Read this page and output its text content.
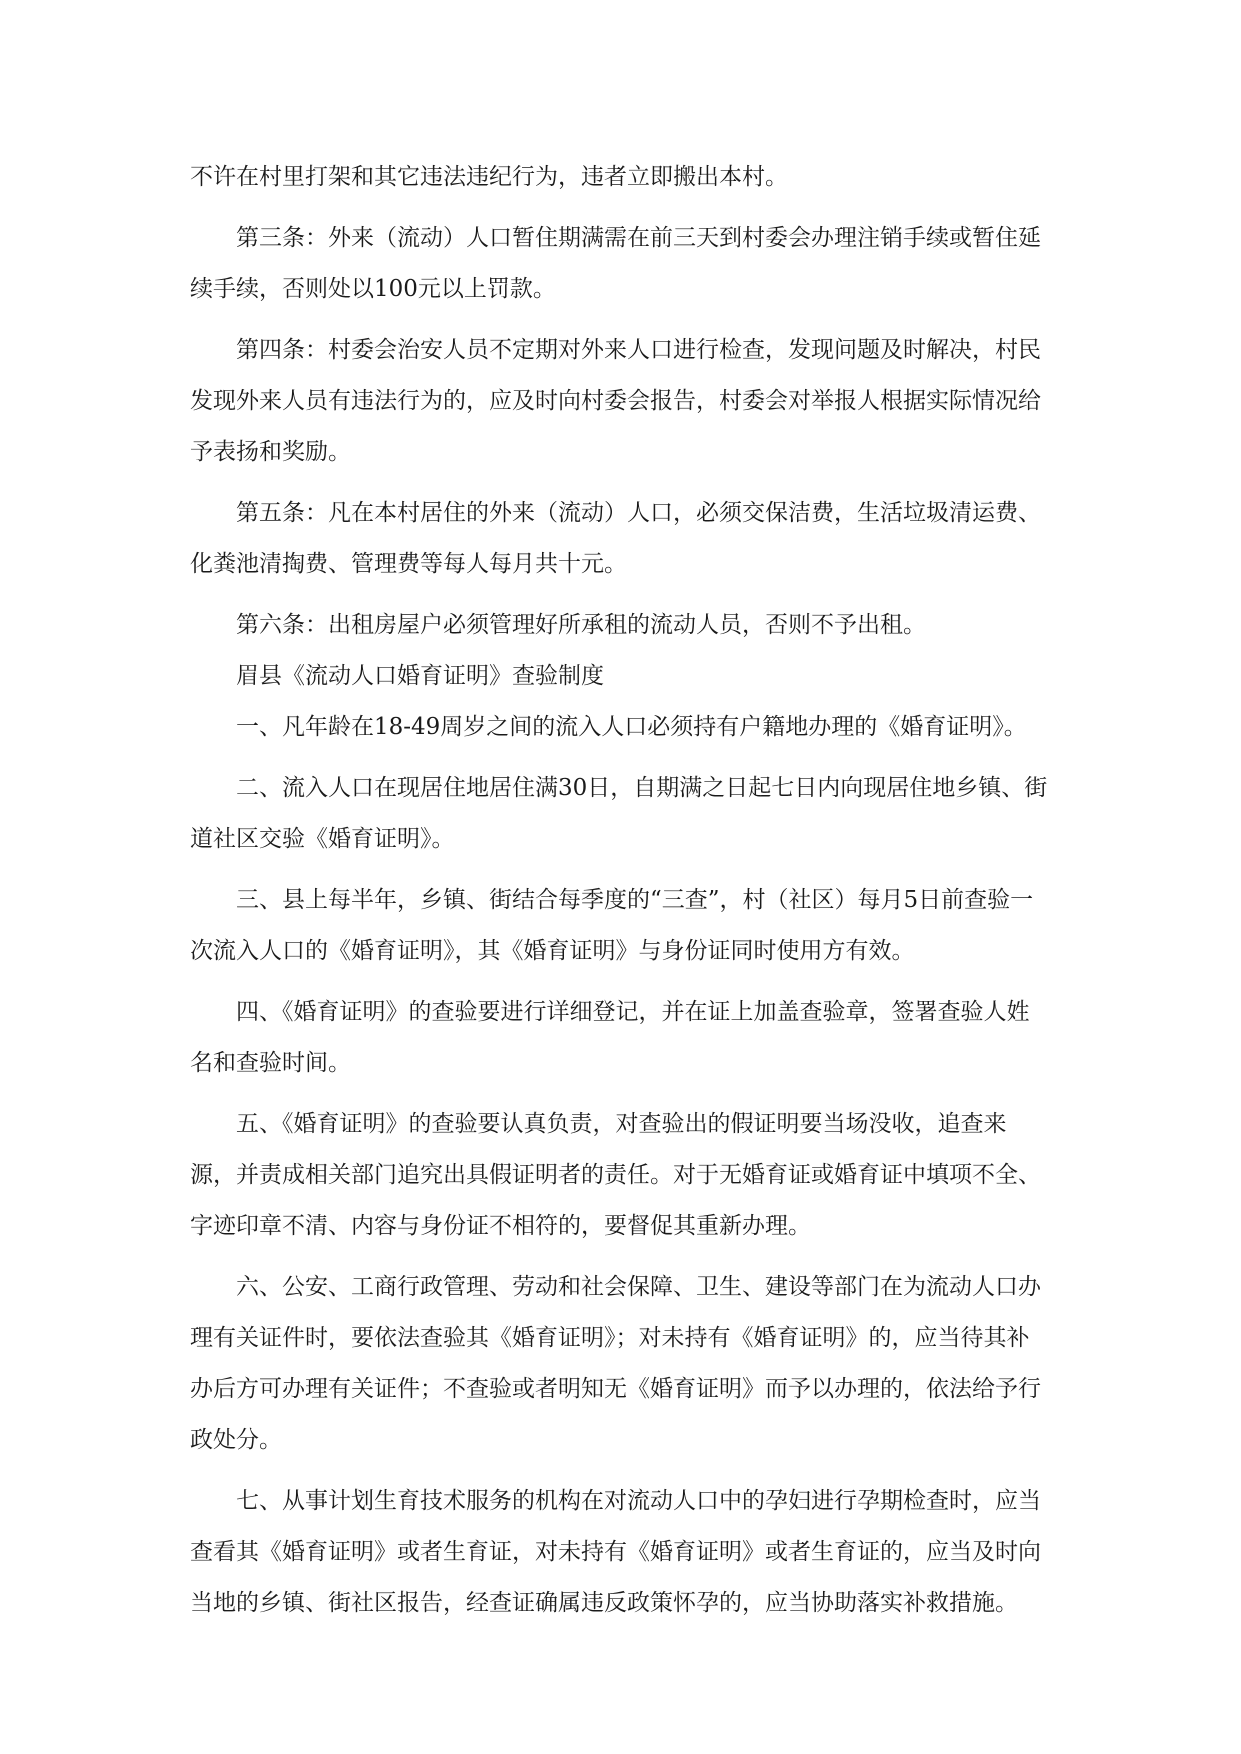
不许在村里打架和其它违法违纪行为，违者立即搬出本村。

第三条：外来（流动）人口暂住期满需在前三天到村委会办理注销手续或暂住延续手续，否则处以100元以上罚款。

第四条：村委会治安人员不定期对外来人口进行检查，发现问题及时解决，村民发现外来人员有违法行为的，应及时向村委会报告，村委会对举报人根据实际情况给予表扬和奖励。

第五条：凡在本村居住的外来（流动）人口，必须交保洁费，生活垃圾清运费、化粪池清掏费、管理费等每人每月共十元。

第六条：出租房屋户必须管理好所承租的流动人员，否则不予出租。

眉县《流动人口婚育证明》查验制度

一、凡年龄在18-49周岁之间的流入人口必须持有户籍地办理的《婚育证明》。

二、流入人口在现居住地居住满30日，自期满之日起七日内向现居住地乡镇、街道社区交验《婚育证明》。

三、县上每半年，乡镇、街结合每季度的“三查”，村（社区）每月5日前查验一次流入人口的《婚育证明》，其《婚育证明》与身份证同时使用方有效。

四、《婚育证明》的查验要进行详细登记，并在证上加盖查验章，签署查验人姓名和查验时间。

五、《婚育证明》的查验要认真负责，对查验出的假证明要当场没收，追查来源，并责成相关部门追究出具假证明者的责任。对于无婚育证或婚育证中填项不全、字迹印章不清、内容与身份证不相符的，要督促其重新办理。

六、公安、工商行政管理、劳动和社会保障、卫生、建设等部门在为流动人口办理有关证件时，要依法查验其《婚育证明》；对未持有《婚育证明》的，应当待其补办后方可办理有关证件；不查验或者明知无《婚育证明》而予以办理的，依法给予行政处分。

七、从事计划生育技术服务的机构在对流动人口中的孕妇进行孕期检查时，应当查看其《婚育证明》或者生育证，对未持有《婚育证明》或者生育证的，应当及时向当地的乡镇、街社区报告，经查证确属违反政策怀孕的，应当协助落实补救措施。
